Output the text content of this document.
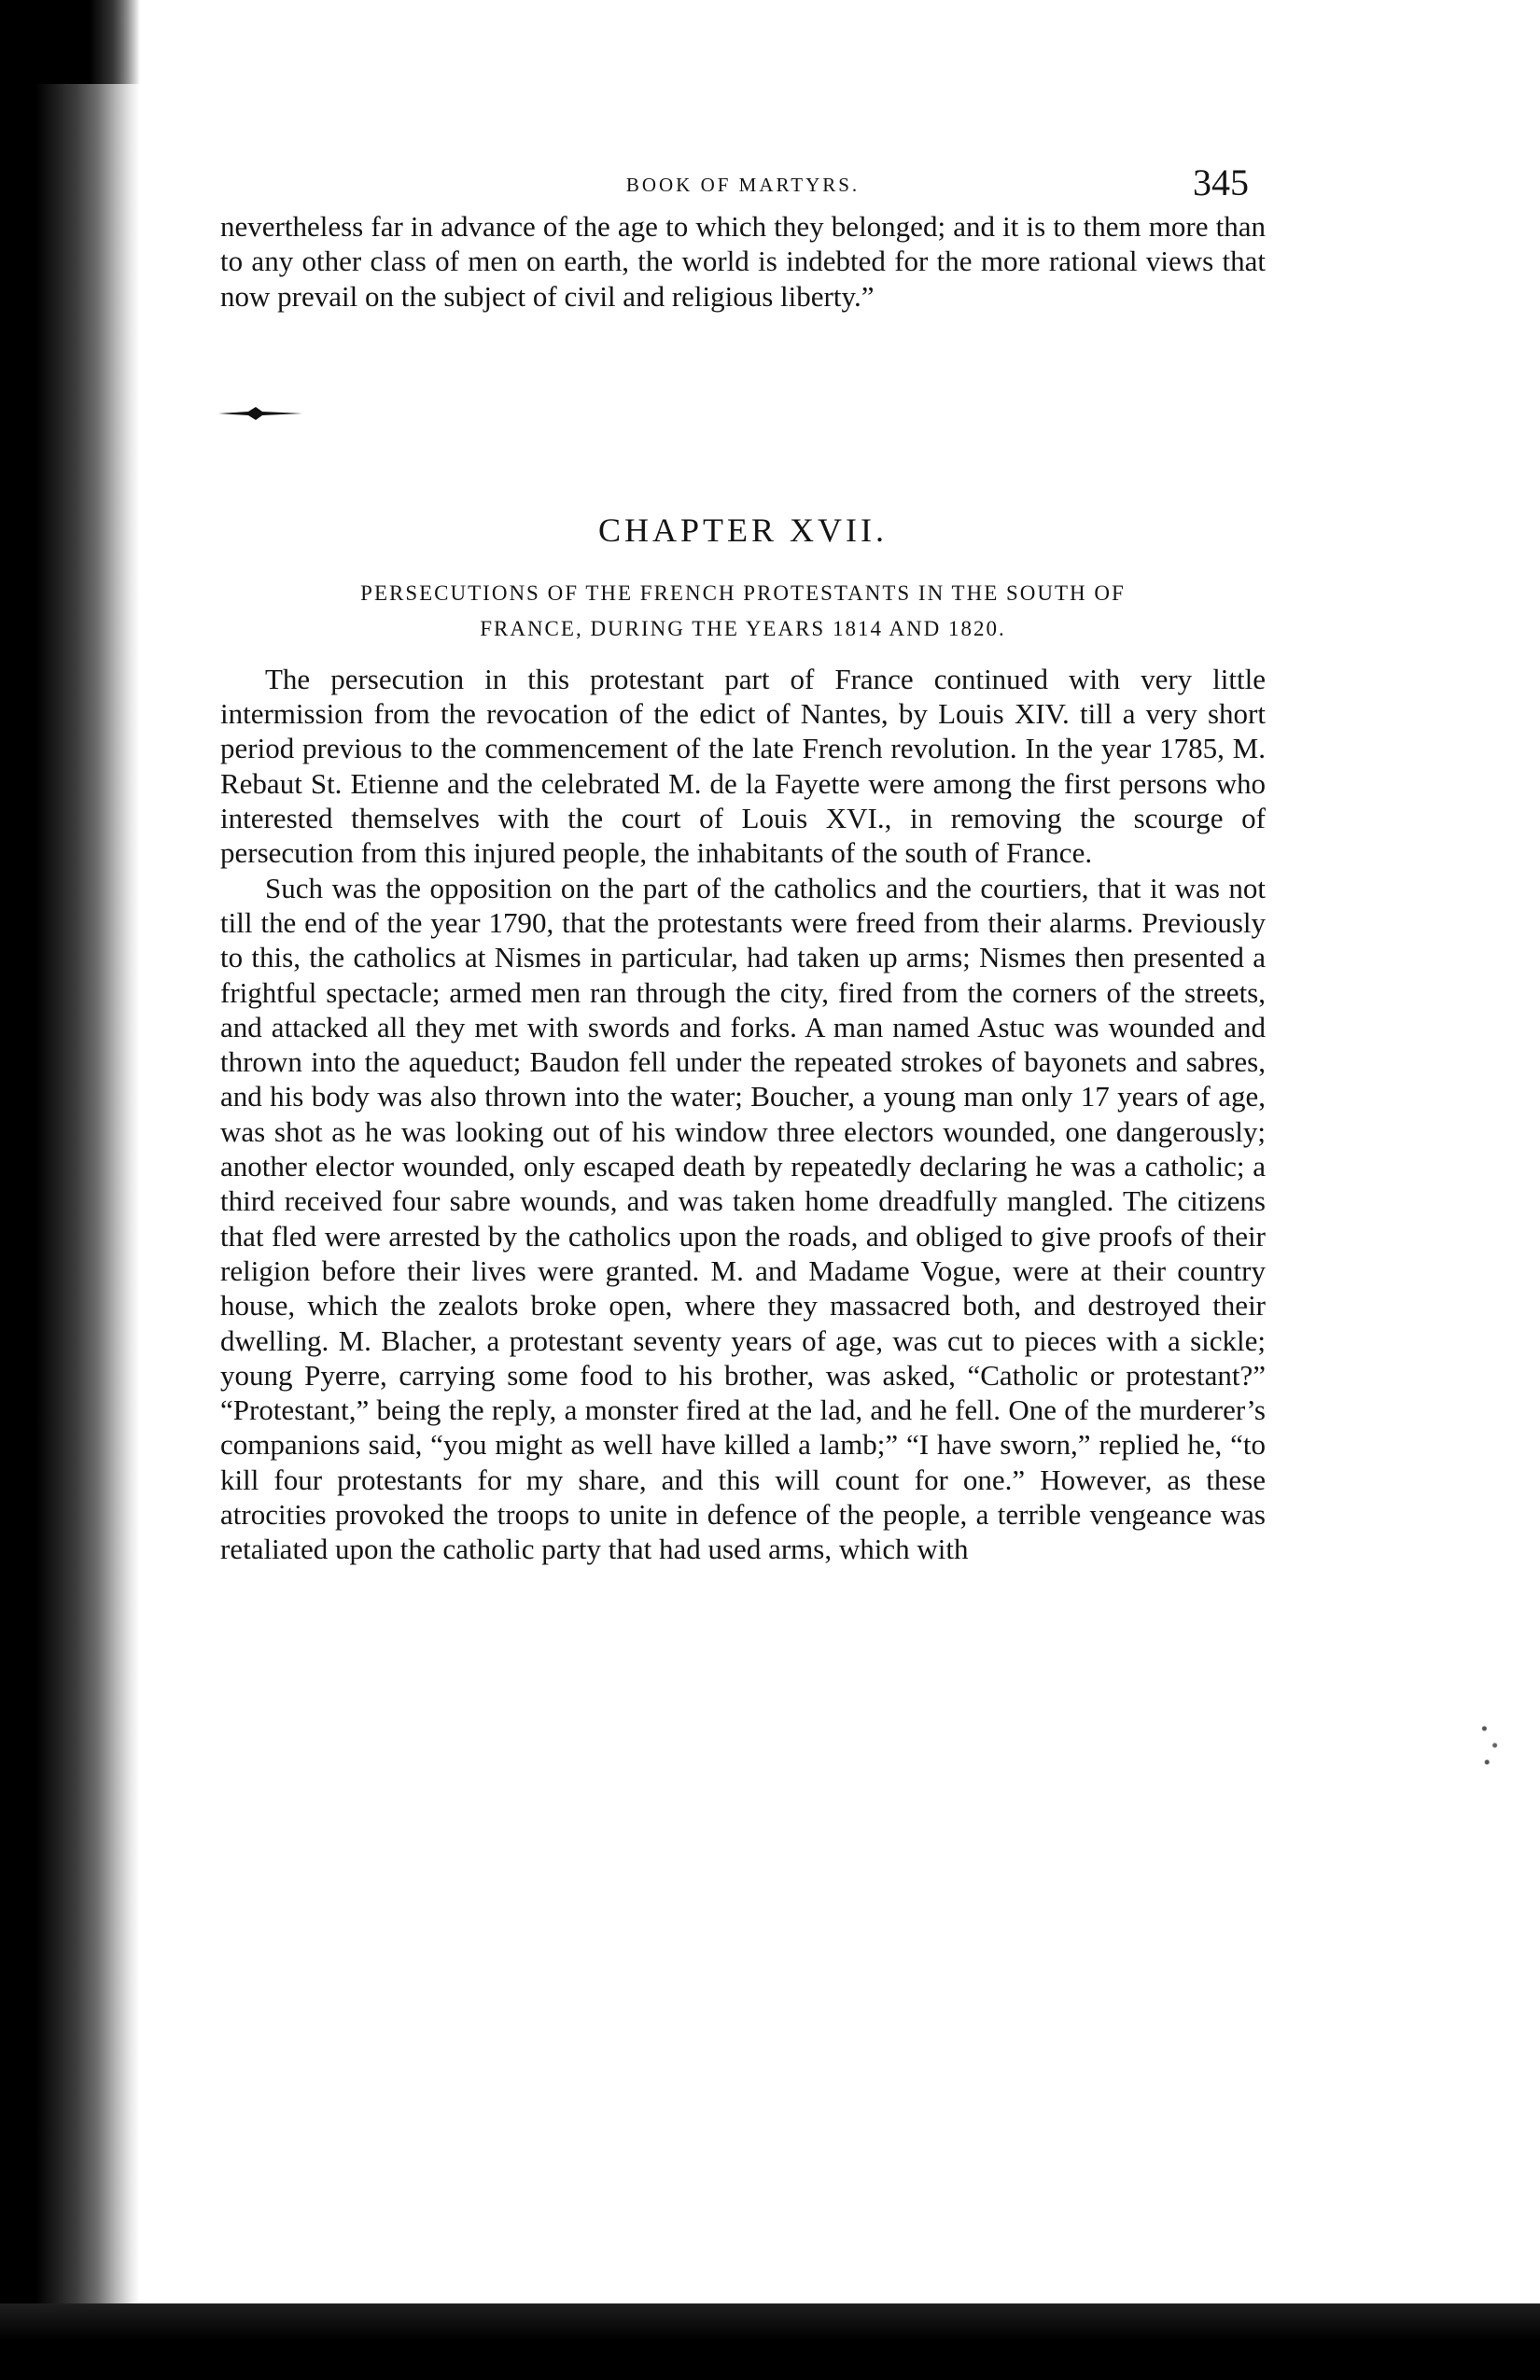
BOOK OF MARTYRS.	345

nevertheless far in advance of the age to which they belonged; and it is to them more than to any other class of men on earth, the world is indebted for the more rational views that now prevail on the subject of civil and religious liberty.”

CHAPTER XVII.
PERSECUTIONS OF THE FRENCH PROTESTANTS IN THE SOUTH OF
FRANCE, DURING THE YEARS 1814 AND 1820.

The persecution in this protestant part of France continued with very little intermission from the revocation of the edict of Nantes, by Louis XIV. till a very short period previous to the commencement of the late French revolution. In the year 1785, M. Rebaut St. Etienne and the celebrated M. de la Fayette were among the first persons who interested themselves with the court of Louis XVI., in removing the scourge of persecution from this injured people, the inhabitants of the south of France.

Such was the opposition on the part of the catholics and the courtiers, that it was not till the end of the year 1790, that the protestants were freed from their alarms. Previously to this, the catholics at Nismes in particular, had taken up arms; Nismes then presented a frightful spectacle; armed men ran through the city, fired from the corners of the streets, and attacked all they met with swords and forks. A man named Astuc was wounded and thrown into the aqueduct; Baudon fell under the repeated strokes of bayonets and sabres, and his body was also thrown into the water; Boucher, a young man only 17 years of age, was shot as he was looking out of his window three electors wounded, one dangerously; another elector wounded, only escaped death by repeatedly declaring he was a catholic; a third received four sabre wounds, and was taken home dreadfully mangled. The citizens that fled were arrested by the catholics upon the roads, and obliged to give proofs of their religion before their lives were granted. M. and Madame Vogue, were at their country house, which the zealots broke open, where they massacred both, and destroyed their dwelling. M. Blacher, a protestant seventy years of age, was cut to pieces with a sickle; young Pyerre, carrying some food to his brother, was asked, “Catholic or protestant?” “Protestant,” being the reply, a monster fired at the lad, and he fell. One of the murderer’s companions said, “you might as well have killed a lamb;” “I have sworn,” replied he, “to kill four protestants for my share, and this will count for one.” However, as these atrocities provoked the troops to unite in defence of the people, a terrible vengeance was retaliated upon the catholic party that had used arms, which with
